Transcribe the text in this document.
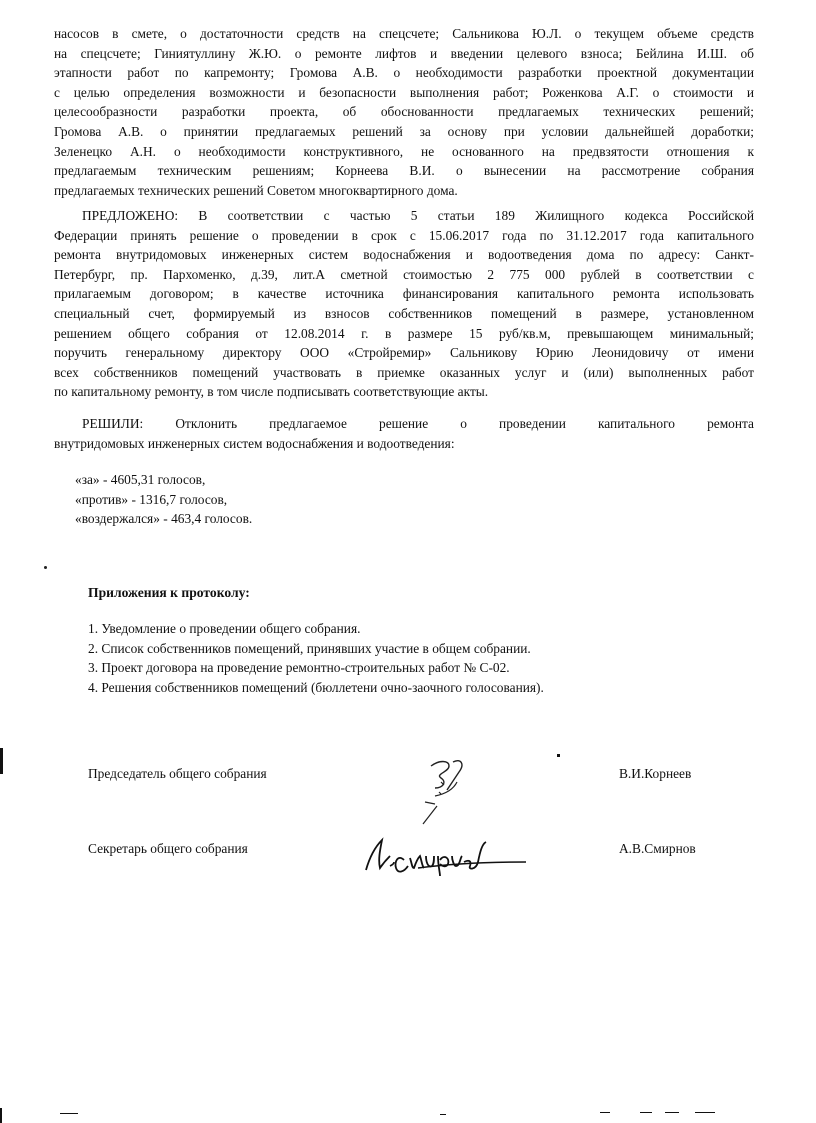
насосов в смете, о достаточности средств на спецсчете; Сальникова Ю.Л. о текущем объеме средств
на спецсчете; Гиниятуллину Ж.Ю. о ремонте лифтов и введении целевого взноса; Бейлина И.Ш. об
этапности работ по капремонту; Громова А.В. о необходимости разработки проектной документации
с целью определения возможности и безопасности выполнения работ; Роженкова А.Г. о стоимости и
целесообразности разработки проекта, об обоснованности предлагаемых технических решений;
Громова А.В. о принятии предлагаемых решений за основу при условии дальнейшей доработки;
Зеленецко А.Н. о необходимости конструктивного, не основанного на предвзятости отношения к
предлагаемым техническим решениям; Корнеева В.И. о вынесении на рассмотрение собрания
предлагаемых технических решений Советом многоквартирного дома.
ПРЕДЛОЖЕНО: В соответствии с частью 5 статьи 189 Жилищного кодекса Российской
Федерации принять решение о проведении в срок с 15.06.2017 года по 31.12.2017 года капитального
ремонта внутридомовых инженерных систем водоснабжения и водоотведения дома по адресу: Санкт-
Петербург, пр. Пархоменко, д.39, лит.А сметной стоимостью 2 775 000 рублей в соответствии с
прилагаемым договором; в качестве источника финансирования капитального ремонта использовать
специальный счет, формируемый из взносов собственников помещений в размере, установленном
решением общего собрания от 12.08.2014 г. в размере 15 руб/кв.м, превышающем минимальный;
поручить генеральному директору ООО «Стройремир» Сальникову Юрию Леонидовичу от имени
всех собственников помещений участвовать в приемке оказанных услуг и (или) выполненных работ
по капитальному ремонту, в том числе подписывать соответствующие акты.
РЕШИЛИ: Отклонить предлагаемое решение о проведении капитального ремонта
внутридомовых инженерных систем водоснабжения и водоотведения:
«за» - 4605,31 голосов,
«против» - 1316,7 голосов,
«воздержался» - 463,4 голосов.
Приложения к протоколу:
1. Уведомление о проведении общего собрания.
2. Список собственников помещений, принявших участие в общем собрании.
3. Проект договора на проведение ремонтно-строительных работ № С-02.
4. Решения собственников помещений (бюллетени очно-заочного голосования).
Председатель общего собрания	В.И.Корнеев
Секретарь общего собрания	А.В.Смирнов
